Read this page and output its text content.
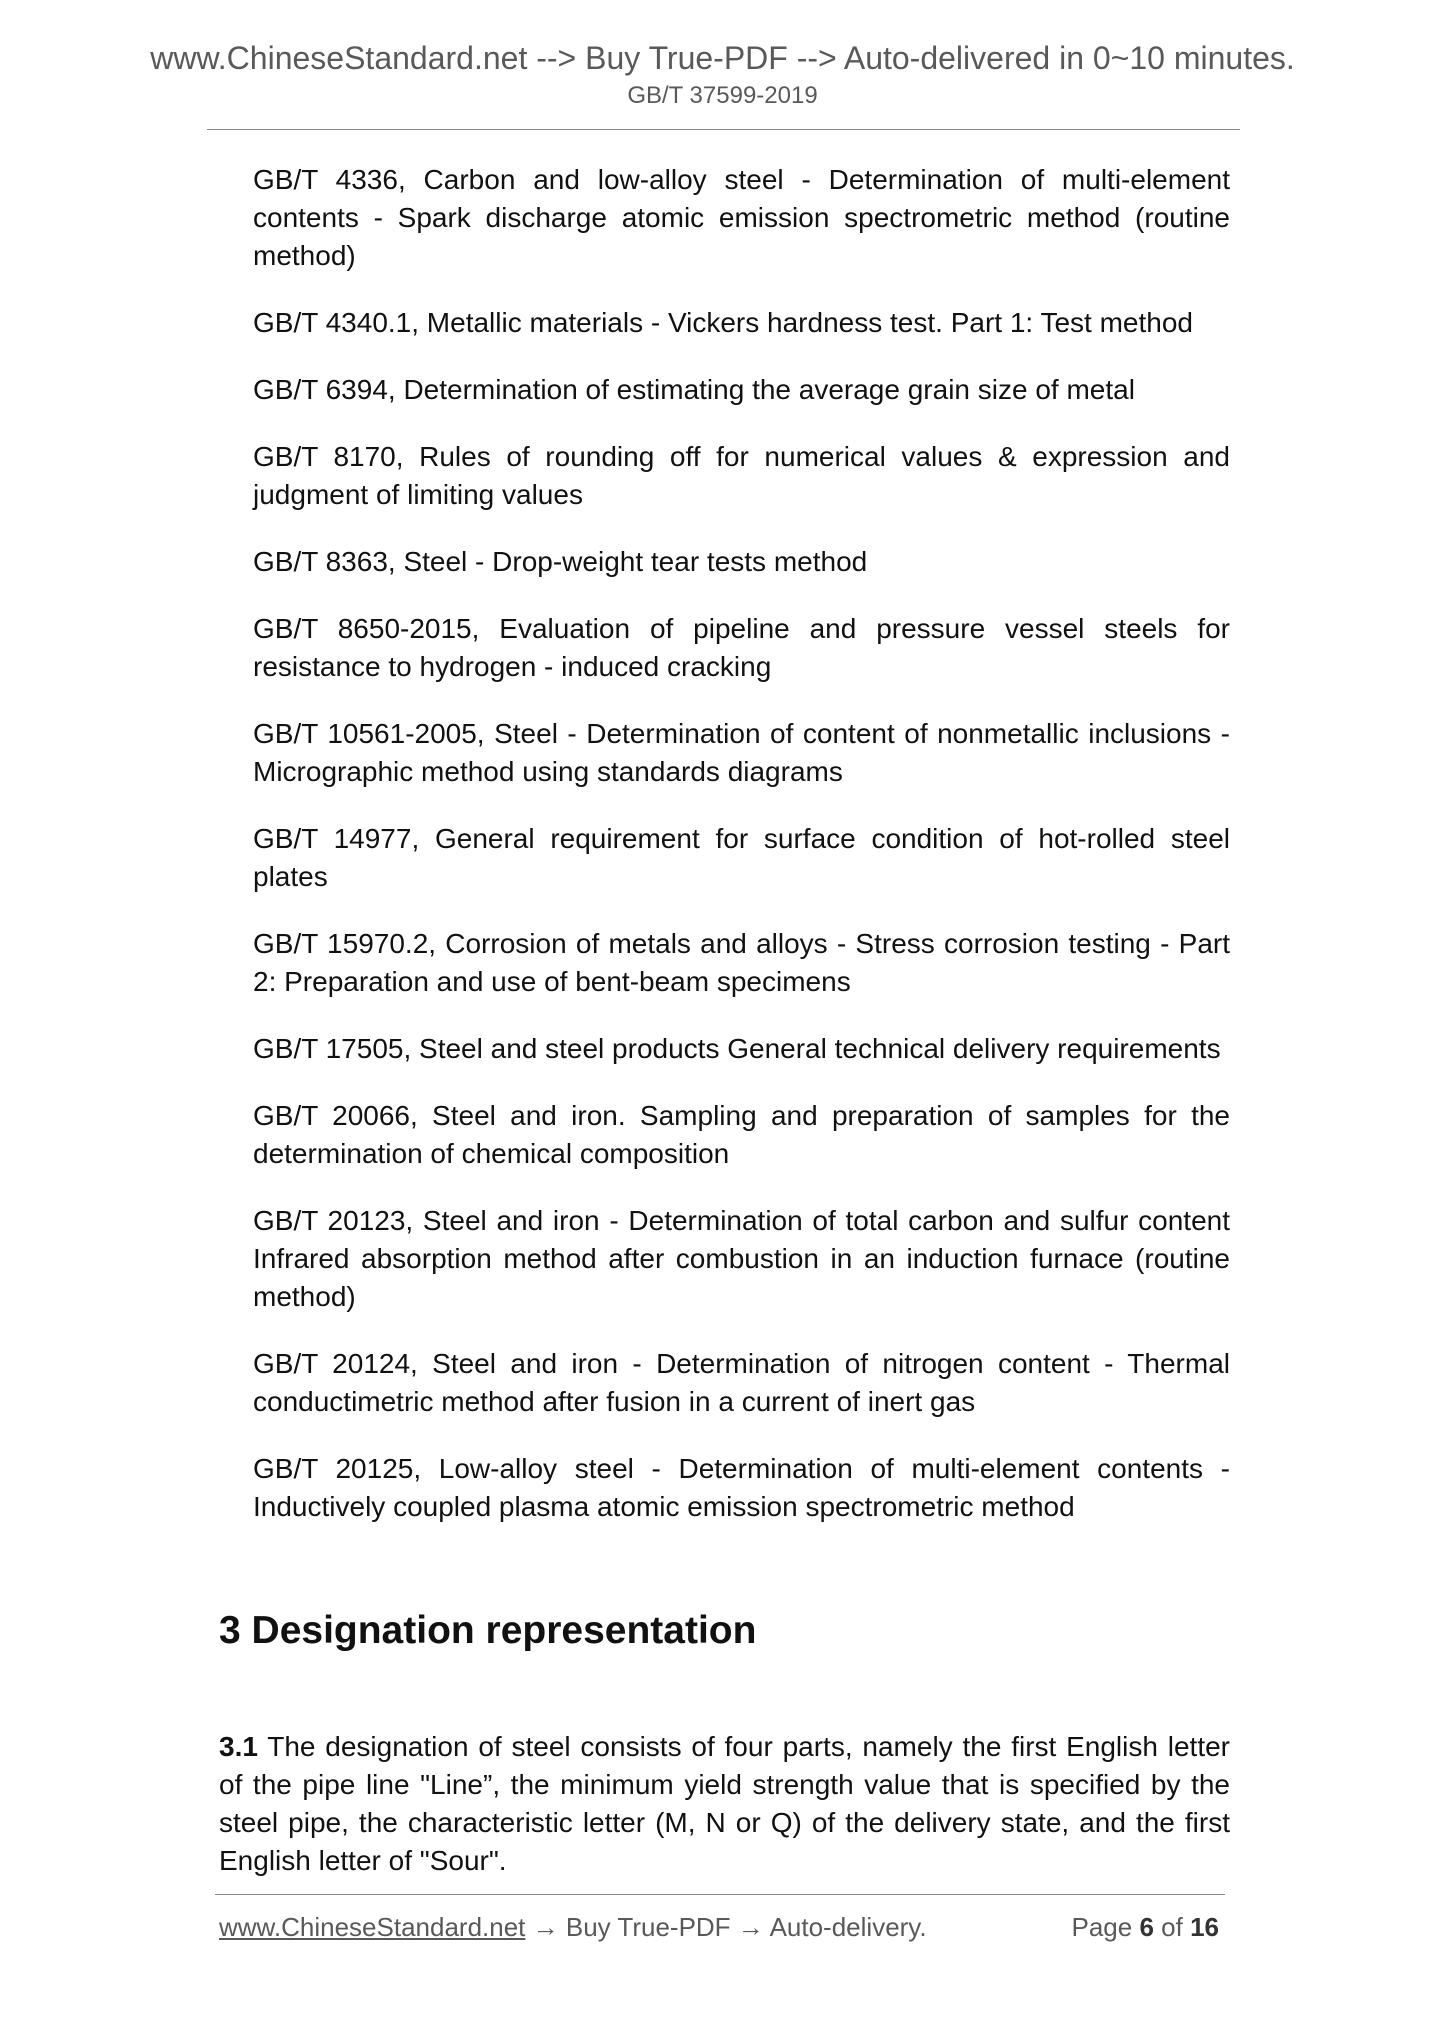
www.ChineseStandard.net --> Buy True-PDF --> Auto-delivered in 0~10 minutes.
GB/T 37599-2019

GB/T 4336, Carbon and low-alloy steel - Determination of multi-element contents - Spark discharge atomic emission spectrometric method (routine method)

GB/T 4340.1, Metallic materials - Vickers hardness test. Part 1: Test method

GB/T 6394, Determination of estimating the average grain size of metal

GB/T 8170, Rules of rounding off for numerical values & expression and judgment of limiting values

GB/T 8363, Steel - Drop-weight tear tests method

GB/T 8650-2015, Evaluation of pipeline and pressure vessel steels for resistance to hydrogen - induced cracking

GB/T 10561-2005, Steel - Determination of content of nonmetallic inclusions - Micrographic method using standards diagrams

GB/T 14977, General requirement for surface condition of hot-rolled steel plates

GB/T 15970.2, Corrosion of metals and alloys - Stress corrosion testing - Part 2: Preparation and use of bent-beam specimens

GB/T 17505, Steel and steel products General technical delivery requirements

GB/T 20066, Steel and iron. Sampling and preparation of samples for the determination of chemical composition

GB/T 20123, Steel and iron - Determination of total carbon and sulfur content Infrared absorption method after combustion in an induction furnace (routine method)

GB/T 20124, Steel and iron - Determination of nitrogen content - Thermal conductimetric method after fusion in a current of inert gas

GB/T 20125, Low-alloy steel - Determination of multi-element contents - Inductively coupled plasma atomic emission spectrometric method

3 Designation representation

3.1 The designation of steel consists of four parts, namely the first English letter of the pipe line "Line”, the minimum yield strength value that is specified by the steel pipe, the characteristic letter (M, N or Q) of the delivery state, and the first English letter of "Sour".

www.ChineseStandard.net → Buy True-PDF → Auto-delivery.	Page 6 of 16
